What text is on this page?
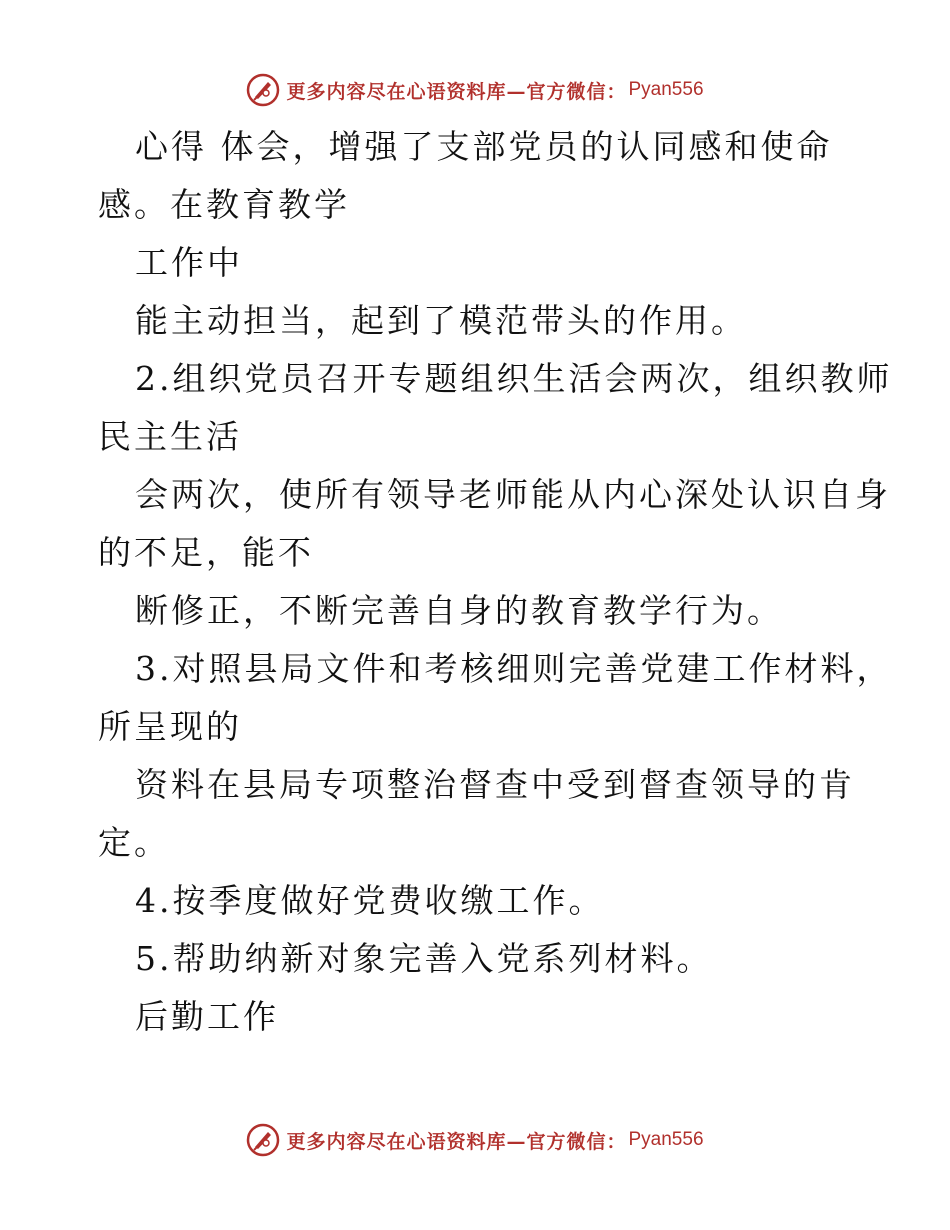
更多内容尽在心语资料库—官方微信： Pyan556
心得 体会，增强了支部党员的认同感和使命
感。在教育教学
工作中
能主动担当，起到了模范带头的作用。
2.组织党员召开专题组织生活会两次，组织教师
民主生活
会两次，使所有领导老师能从内心深处认识自身
的不足，能不
断修正，不断完善自身的教育教学行为。
3.对照县局文件和考核细则完善党建工作材料，
所呈现的
资料在县局专项整治督查中受到督查领导的肯
定。
4.按季度做好党费收缴工作。
5.帮助纳新对象完善入党系列材料。
后勤工作
更多内容尽在心语资料库—官方微信： Pyan556
